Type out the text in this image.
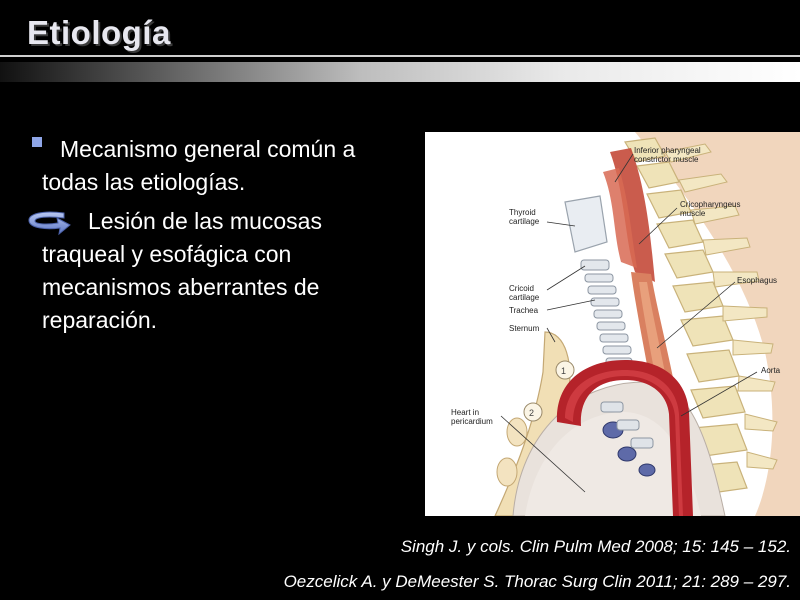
Etiología
Mecanismo general común a
todas las etiologías.
Lesión de las mucosas
traqueal y esofágica con
mecanismos aberrantes de
reparación.
1
2
Inferior pharyngeal
constrictor muscle
Thyroid
cartilage
Cricopharyngeus
muscle
Cricoid
cartilage
Trachea
Esophagus
Sternum
Aorta
Heart in
pericardium
Singh J. y cols. Clin Pulm Med 2008; 15: 145 – 152.
Oezcelick A. y DeMeester S. Thorac Surg Clin 2011; 21: 289 – 297.
